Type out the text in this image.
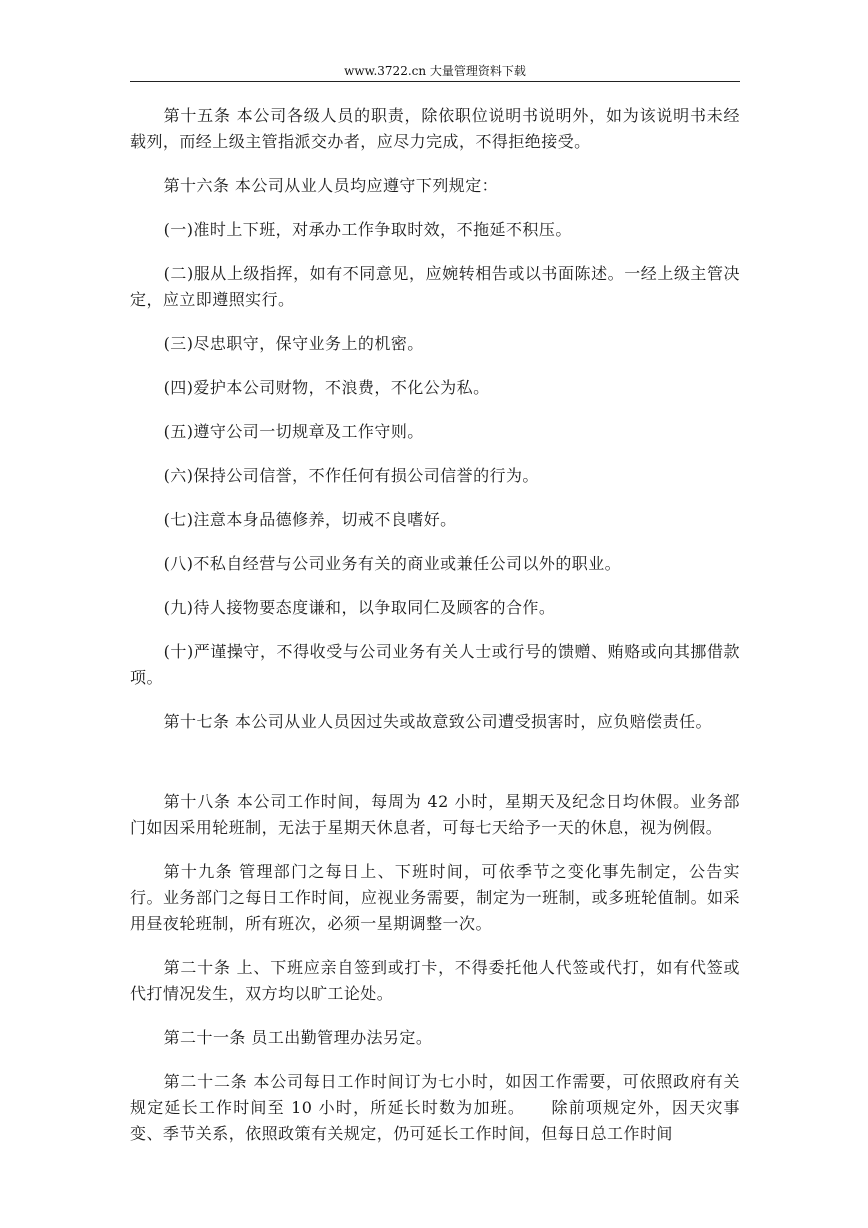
www.3722.cn 大量管理资料下载

第十五条 本公司各级人员的职责，除依职位说明书说明外，如为该说明书未经载列，而经上级主管指派交办者，应尽力完成，不得拒绝接受。

第十六条 本公司从业人员均应遵守下列规定：

(一)准时上下班，对承办工作争取时效，不拖延不积压。

(二)服从上级指挥，如有不同意见，应婉转相告或以书面陈述。一经上级主管决定，应立即遵照实行。

(三)尽忠职守，保守业务上的机密。

(四)爱护本公司财物，不浪费，不化公为私。

(五)遵守公司一切规章及工作守则。

(六)保持公司信誉，不作任何有损公司信誉的行为。

(七)注意本身品德修养，切戒不良嗜好。

(八)不私自经营与公司业务有关的商业或兼任公司以外的职业。

(九)待人接物要态度谦和，以争取同仁及顾客的合作。

(十)严谨操守，不得收受与公司业务有关人士或行号的馈赠、贿赂或向其挪借款项。

第十七条 本公司从业人员因过失或故意致公司遭受损害时，应负赔偿责任。

第十八条 本公司工作时间，每周为 42 小时，星期天及纪念日均休假。业务部门如因采用轮班制，无法于星期天休息者，可每七天给予一天的休息，视为例假。

第十九条 管理部门之每日上、下班时间，可依季节之变化事先制定，公告实行。业务部门之每日工作时间，应视业务需要，制定为一班制，或多班轮值制。如采用昼夜轮班制，所有班次，必须一星期调整一次。

第二十条 上、下班应亲自签到或打卡，不得委托他人代签或代打，如有代签或代打情况发生，双方均以旷工论处。

第二十一条 员工出勤管理办法另定。

第二十二条 本公司每日工作时间订为七小时，如因工作需要，可依照政府有关规定延长工作时间至 10 小时，所延长时数为加班。　　除前项规定外，因天灾事变、季节关系，依照政策有关规定，仍可延长工作时间，但每日总工作时间
